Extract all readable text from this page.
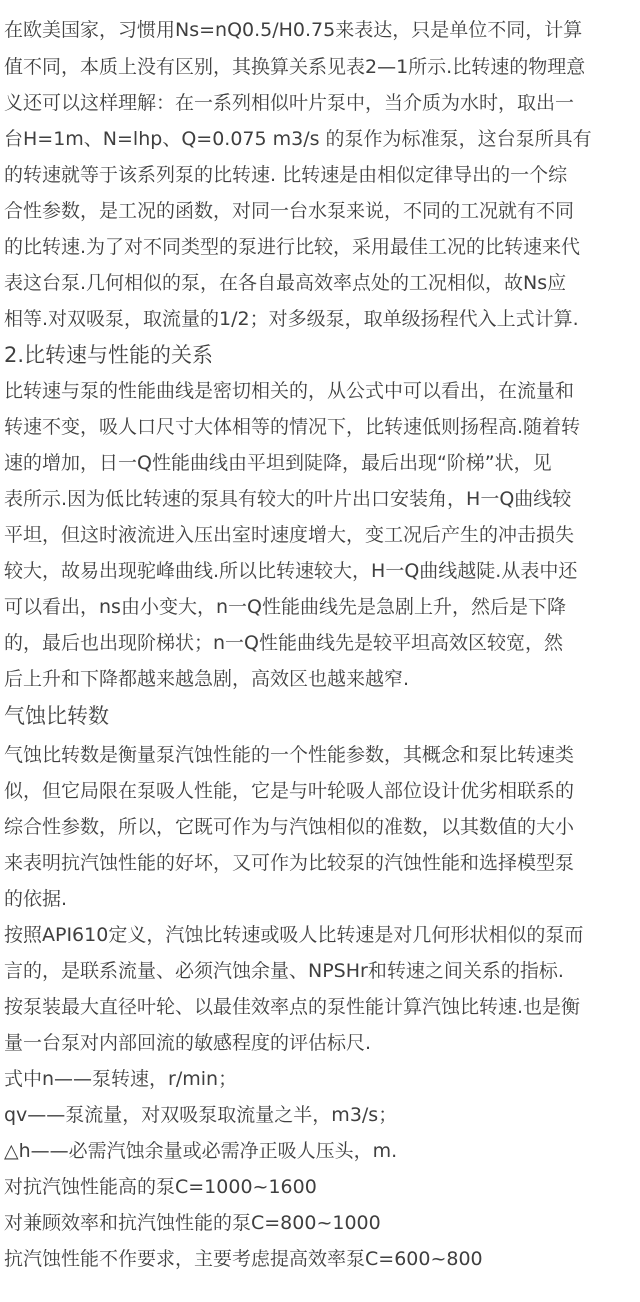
在欧美国家，习惯用Ns=nQ0.5/H0.75来表达，只是单位不同，计算
值不同，本质上没有区别，其换算关系见表2—1所示.比转速的物理意
义还可以这样理解：在一系列相似叶片泵中，当介质为水时，取出一
台H=1m、N=lhp、Q=0.075 m3/s 的泵作为标准泵，这台泵所具有
的转速就等于该系列泵的比转速. 比转速是由相似定律导出的一个综
合性参数，是工况的函数，对同一台水泵来说，不同的工况就有不同
的比转速.为了对不同类型的泵进行比较，采用最佳工况的比转速来代
表这台泵.几何相似的泵，在各自最高效率点处的工况相似，故Ns应
相等.对双吸泵，取流量的1/2；对多级泵，取单级扬程代入上式计算.
2.比转速与性能的关系
比转速与泵的性能曲线是密切相关的，从公式中可以看出，在流量和
转速不变，吸人口尺寸大体相等的情况下，比转速低则扬程高.随着转
速的增加，日一Q性能曲线由平坦到陡降，最后出现“阶梯”状，见
表所示.因为低比转速的泵具有较大的叶片出口安装角，H一Q曲线较
平坦，但这时液流进入压出室时速度增大，变工况后产生的冲击损失
较大，故易出现驼峰曲线.所以比转速较大，H一Q曲线越陡.从表中还
可以看出，ns由小变大，n一Q性能曲线先是急剧上升，然后是下降
的，最后也出现阶梯状；n一Q性能曲线先是较平坦高效区较宽，然
后上升和下降都越来越急剧，高效区也越来越窄.
气蚀比转数
气蚀比转数是衡量泵汽蚀性能的一个性能参数，其概念和泵比转速类
似，但它局限在泵吸人性能，它是与叶轮吸人部位设计优劣相联系的
综合性参数，所以，它既可作为与汽蚀相似的准数，以其数值的大小
来表明抗汽蚀性能的好坏，又可作为比较泵的汽蚀性能和选择模型泵
的依据.
按照API610定义，汽蚀比转速或吸人比转速是对几何形状相似的泵而
言的，是联系流量、必须汽蚀余量、NPSHr和转速之间关系的指标.
按泵装最大直径叶轮、以最佳效率点的泵性能计算汽蚀比转速.也是衡
量一台泵对内部回流的敏感程度的评估标尺.
式中n——泵转速，r/min；
qv——泵流量，对双吸泵取流量之半，m3/s；
△h——必需汽蚀余量或必需净正吸人压头，m.
对抗汽蚀性能高的泵C=1000~1600
对兼顾效率和抗汽蚀性能的泵C=800~1000
抗汽蚀性能不作要求，主要考虑提高效率泵C=600~800
